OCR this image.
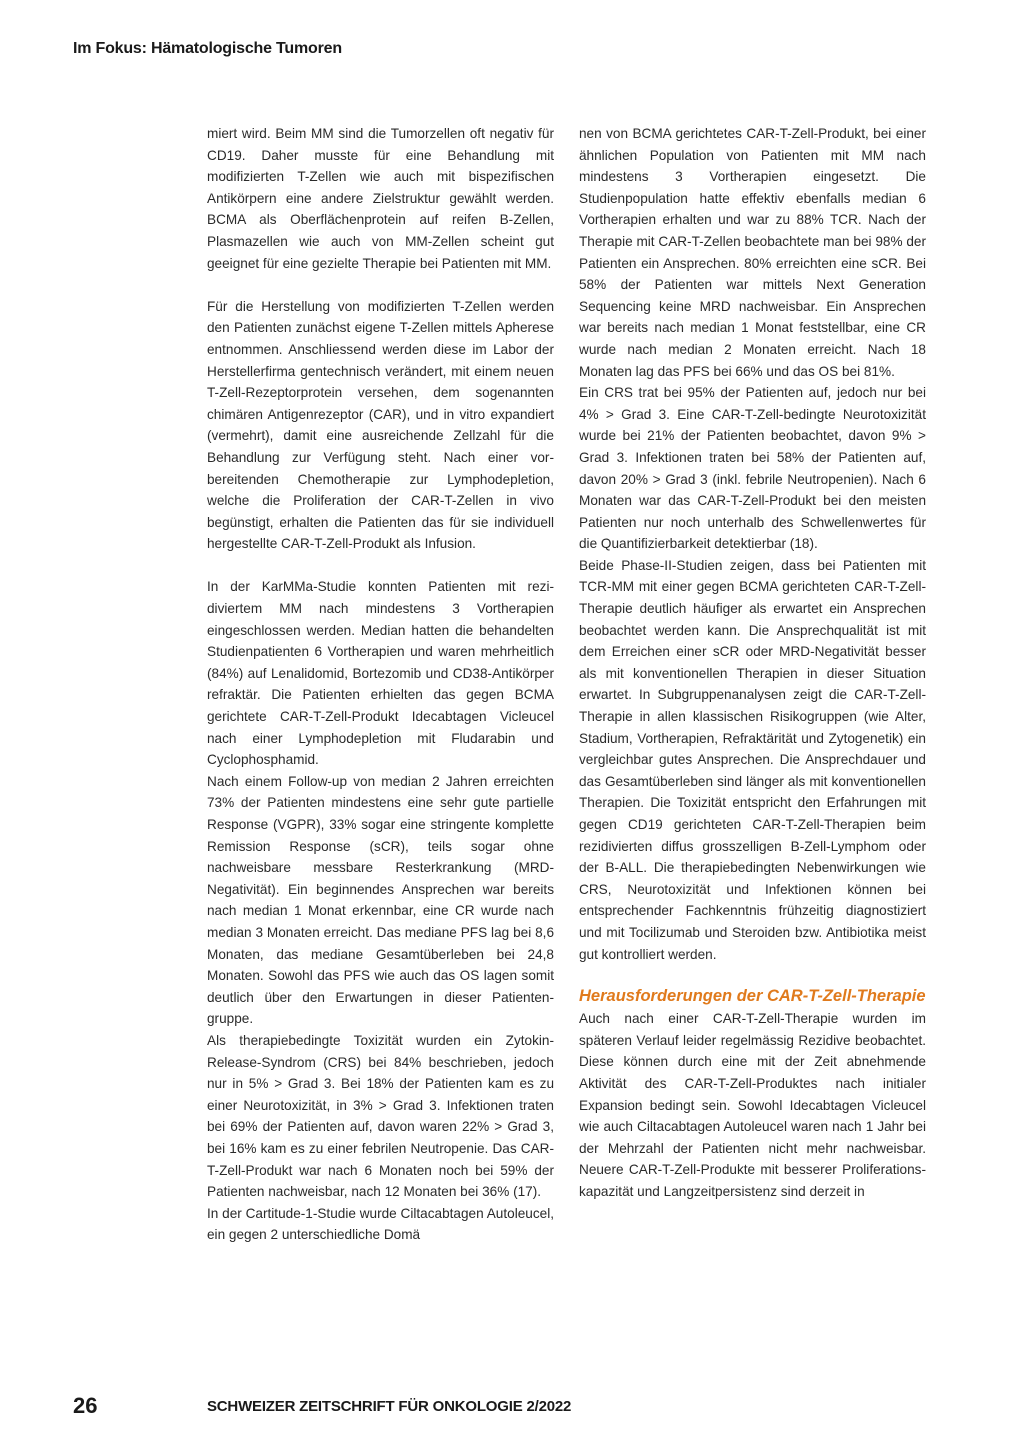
Im Fokus: Hämatologische Tumoren

miert wird. Beim MM sind die Tumorzellen oft negativ für CD19. Daher musste für eine Behandlung mit modifizierten T-Zellen wie auch mit bispezifischen Antikörpern eine andere Zielstruktur gewählt werden. BCMA als Oberflächenprotein auf reifen B-Zellen, Plasmazellen wie auch von MM-Zellen scheint gut geeignet für eine gezielte Therapie bei Patienten mit MM.

Für die Herstellung von modifizierten T-Zellen werden den Patienten zunächst eigene T-Zellen mittels Apherese entnommen. Anschliessend werden diese im Labor der Herstellerfirma gentechnisch verändert, mit einem neuen T-Zell-Rezeptorprotein versehen, dem sogenannten chimären Antigenrezeptor (CAR), und in vitro expandiert (vermehrt), damit eine ausreichende Zellzahl für die Behandlung zur Verfügung steht. Nach einer vorbereitenden Chemotherapie zur Lymphodepletion, welche die Proliferation der CAR-T-Zellen in vivo begünstigt, erhalten die Patienten das für sie individuell hergestellte CAR-T-Zell-Produkt als Infusion.

In der KarMMa-Studie konnten Patienten mit rezidiviertem MM nach mindestens 3 Vortherapien eingeschlossen werden. Median hatten die behandelten Studienpatienten 6 Vortherapien und waren mehrheitlich (84%) auf Lenalidomid, Bortezomib und CD38-Antikörper refraktär. Die Patienten erhielten das gegen BCMA gerichtete CAR-T-Zell-Produkt Idecabtagen Vicleucel nach einer Lymphodepletion mit Fludarabin und Cyclophosphamid.

Nach einem Follow-up von median 2 Jahren erreichten 73% der Patienten mindestens eine sehr gute partielle Response (VGPR), 33% sogar eine stringente komplette Remission Response (sCR), teils sogar ohne nachweisbare messbare Resterkrankung (MRD-Negativität). Ein beginnendes Ansprechen war bereits nach median 1 Monat erkennbar, eine CR wurde nach median 3 Monaten erreicht. Das mediane PFS lag bei 8,6 Monaten, das mediane Gesamtüberleben bei 24,8 Monaten. Sowohl das PFS wie auch das OS lagen somit deutlich über den Erwartungen in dieser Patientengruppe.

Als therapiebedingte Toxizität wurden ein Zytokin-Release-Syndrom (CRS) bei 84% beschrieben, jedoch nur in 5% > Grad 3. Bei 18% der Patienten kam es zu einer Neurotoxizität, in 3% > Grad 3. Infektionen traten bei 69% der Patienten auf, davon waren 22% > Grad 3, bei 16% kam es zu einer febrilen Neutropenie. Das CAR-T-Zell-Produkt war nach 6 Monaten noch bei 59% der Patienten nachweisbar, nach 12 Monaten bei 36% (17).

In der Cartitude-1-Studie wurde Ciltacabtagen Autoleucel, ein gegen 2 unterschiedliche Domä

nen von BCMA gerichtetes CAR-T-Zell-Produkt, bei einer ähnlichen Population von Patienten mit MM nach mindestens 3 Vortherapien eingesetzt. Die Studienpopulation hatte effektiv ebenfalls median 6 Vortherapien erhalten und war zu 88% TCR. Nach der Therapie mit CAR-T-Zellen beobachtete man bei 98% der Patienten ein Ansprechen. 80% erreichten eine sCR. Bei 58% der Patienten war mittels Next Generation Sequencing keine MRD nachweisbar. Ein Ansprechen war bereits nach median 1 Monat feststellbar, eine CR wurde nach median 2 Monaten erreicht. Nach 18 Monaten lag das PFS bei 66% und das OS bei 81%.

Ein CRS trat bei 95% der Patienten auf, jedoch nur bei 4% > Grad 3. Eine CAR-T-Zell-bedingte Neurotoxizität wurde bei 21% der Patienten beobachtet, davon 9% > Grad 3. Infektionen traten bei 58% der Patienten auf, davon 20% > Grad 3 (inkl. febrile Neutropenien). Nach 6 Monaten war das CAR-T-Zell-Produkt bei den meisten Patienten nur noch unterhalb des Schwellenwertes für die Quantifizierbarkeit detektierbar (18).

Beide Phase-II-Studien zeigen, dass bei Patienten mit TCR-MM mit einer gegen BCMA gerichteten CAR-T-Zell-Therapie deutlich häufiger als erwartet ein Ansprechen beobachtet werden kann. Die Ansprechqualität ist mit dem Erreichen einer sCR oder MRD-Negativität besser als mit konventionellen Therapien in dieser Situation erwartet. In Subgruppenanalysen zeigt die CAR-T-Zell-Therapie in allen klassischen Risikogruppen (wie Alter, Stadium, Vortherapien, Refraktärität und Zytogenetik) ein vergleichbar gutes Ansprechen. Die Ansprechdauer und das Gesamtüberleben sind länger als mit konventionellen Therapien. Die Toxizität entspricht den Erfahrungen mit gegen CD19 gerichteten CAR-T-Zell-Therapien beim rezidivierten diffus grosszelligen B-Zell-Lymphom oder der B-ALL. Die therapiebedingten Nebenwirkungen wie CRS, Neurotoxizität und Infektionen können bei entsprechender Fachkenntnis frühzeitig diagnostiziert und mit Tocilizumab und Steroiden bzw. Antibiotika meist gut kontrolliert werden.

Herausforderungen der CAR-T-Zell-Therapie

Auch nach einer CAR-T-Zell-Therapie wurden im späteren Verlauf leider regelmässig Rezidive beobachtet. Diese können durch eine mit der Zeit abnehmende Aktivität des CAR-T-Zell-Produktes nach initialer Expansion bedingt sein. Sowohl Idecabtagen Vicleucel wie auch Ciltacabtagen Autoleucel waren nach 1 Jahr bei der Mehrzahl der Patienten nicht mehr nachweisbar. Neuere CAR-T-Zell-Produkte mit besserer Proliferationskapazität und Langzeitpersistenz sind derzeit in

26	SCHWEIZER ZEITSCHRIFT FÜR ONKOLOGIE 2/2022
